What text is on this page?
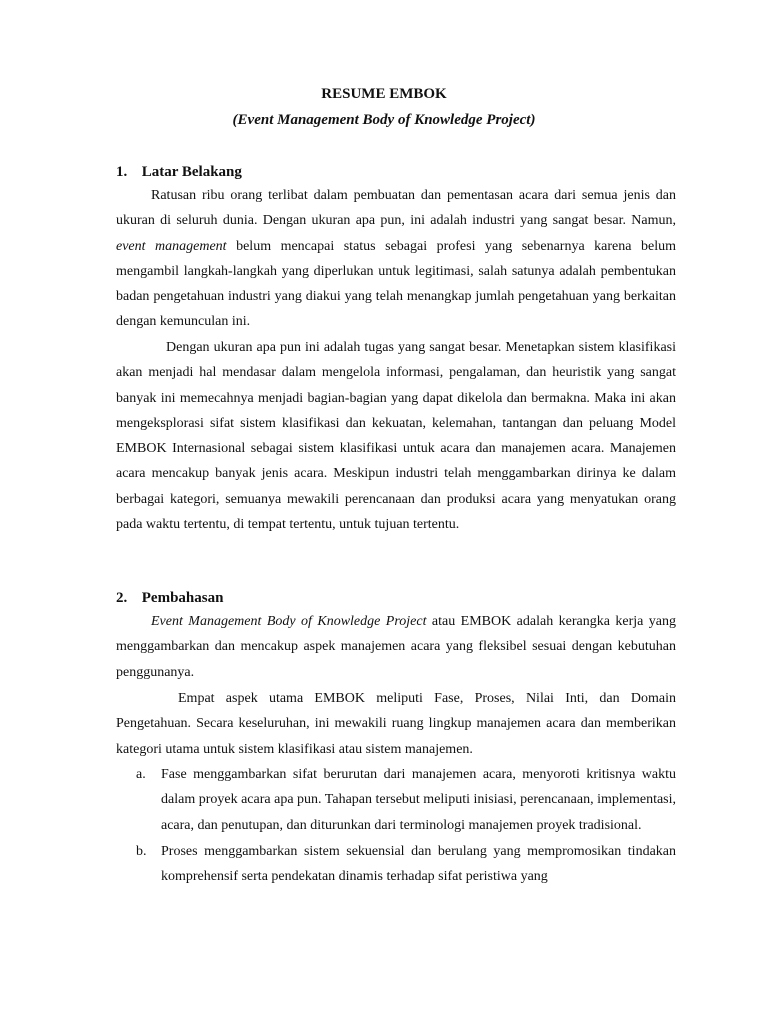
RESUME EMBOK
(Event Management Body of Knowledge Project)
1. Latar Belakang
Ratusan ribu orang terlibat dalam pembuatan dan pementasan acara dari semua jenis dan ukuran di seluruh dunia. Dengan ukuran apa pun, ini adalah industri yang sangat besar. Namun, event management belum mencapai status sebagai profesi yang sebenarnya karena belum mengambil langkah-langkah yang diperlukan untuk legitimasi, salah satunya adalah pembentukan badan pengetahuan industri yang diakui yang telah menangkap jumlah pengetahuan yang berkaitan dengan kemunculan ini.
Dengan ukuran apa pun ini adalah tugas yang sangat besar. Menetapkan sistem klasifikasi akan menjadi hal mendasar dalam mengelola informasi, pengalaman, dan heuristik yang sangat banyak ini memecahnya menjadi bagian-bagian yang dapat dikelola dan bermakna. Maka ini akan mengeksplorasi sifat sistem klasifikasi dan kekuatan, kelemahan, tantangan dan peluang Model EMBOK Internasional sebagai sistem klasifikasi untuk acara dan manajemen acara. Manajemen acara mencakup banyak jenis acara. Meskipun industri telah menggambarkan dirinya ke dalam berbagai kategori, semuanya mewakili perencanaan dan produksi acara yang menyatukan orang pada waktu tertentu, di tempat tertentu, untuk tujuan tertentu.
2. Pembahasan
Event Management Body of Knowledge Project atau EMBOK adalah kerangka kerja yang menggambarkan dan mencakup aspek manajemen acara yang fleksibel sesuai dengan kebutuhan penggunanya.
Empat aspek utama EMBOK meliputi Fase, Proses, Nilai Inti, dan Domain Pengetahuan. Secara keseluruhan, ini mewakili ruang lingkup manajemen acara dan memberikan kategori utama untuk sistem klasifikasi atau sistem manajemen.
a. Fase menggambarkan sifat berurutan dari manajemen acara, menyoroti kritisnya waktu dalam proyek acara apa pun. Tahapan tersebut meliputi inisiasi, perencanaan, implementasi, acara, dan penutupan, dan diturunkan dari terminologi manajemen proyek tradisional.
b. Proses menggambarkan sistem sekuensial dan berulang yang mempromosikan tindakan komprehensif serta pendekatan dinamis terhadap sifat peristiwa yang
